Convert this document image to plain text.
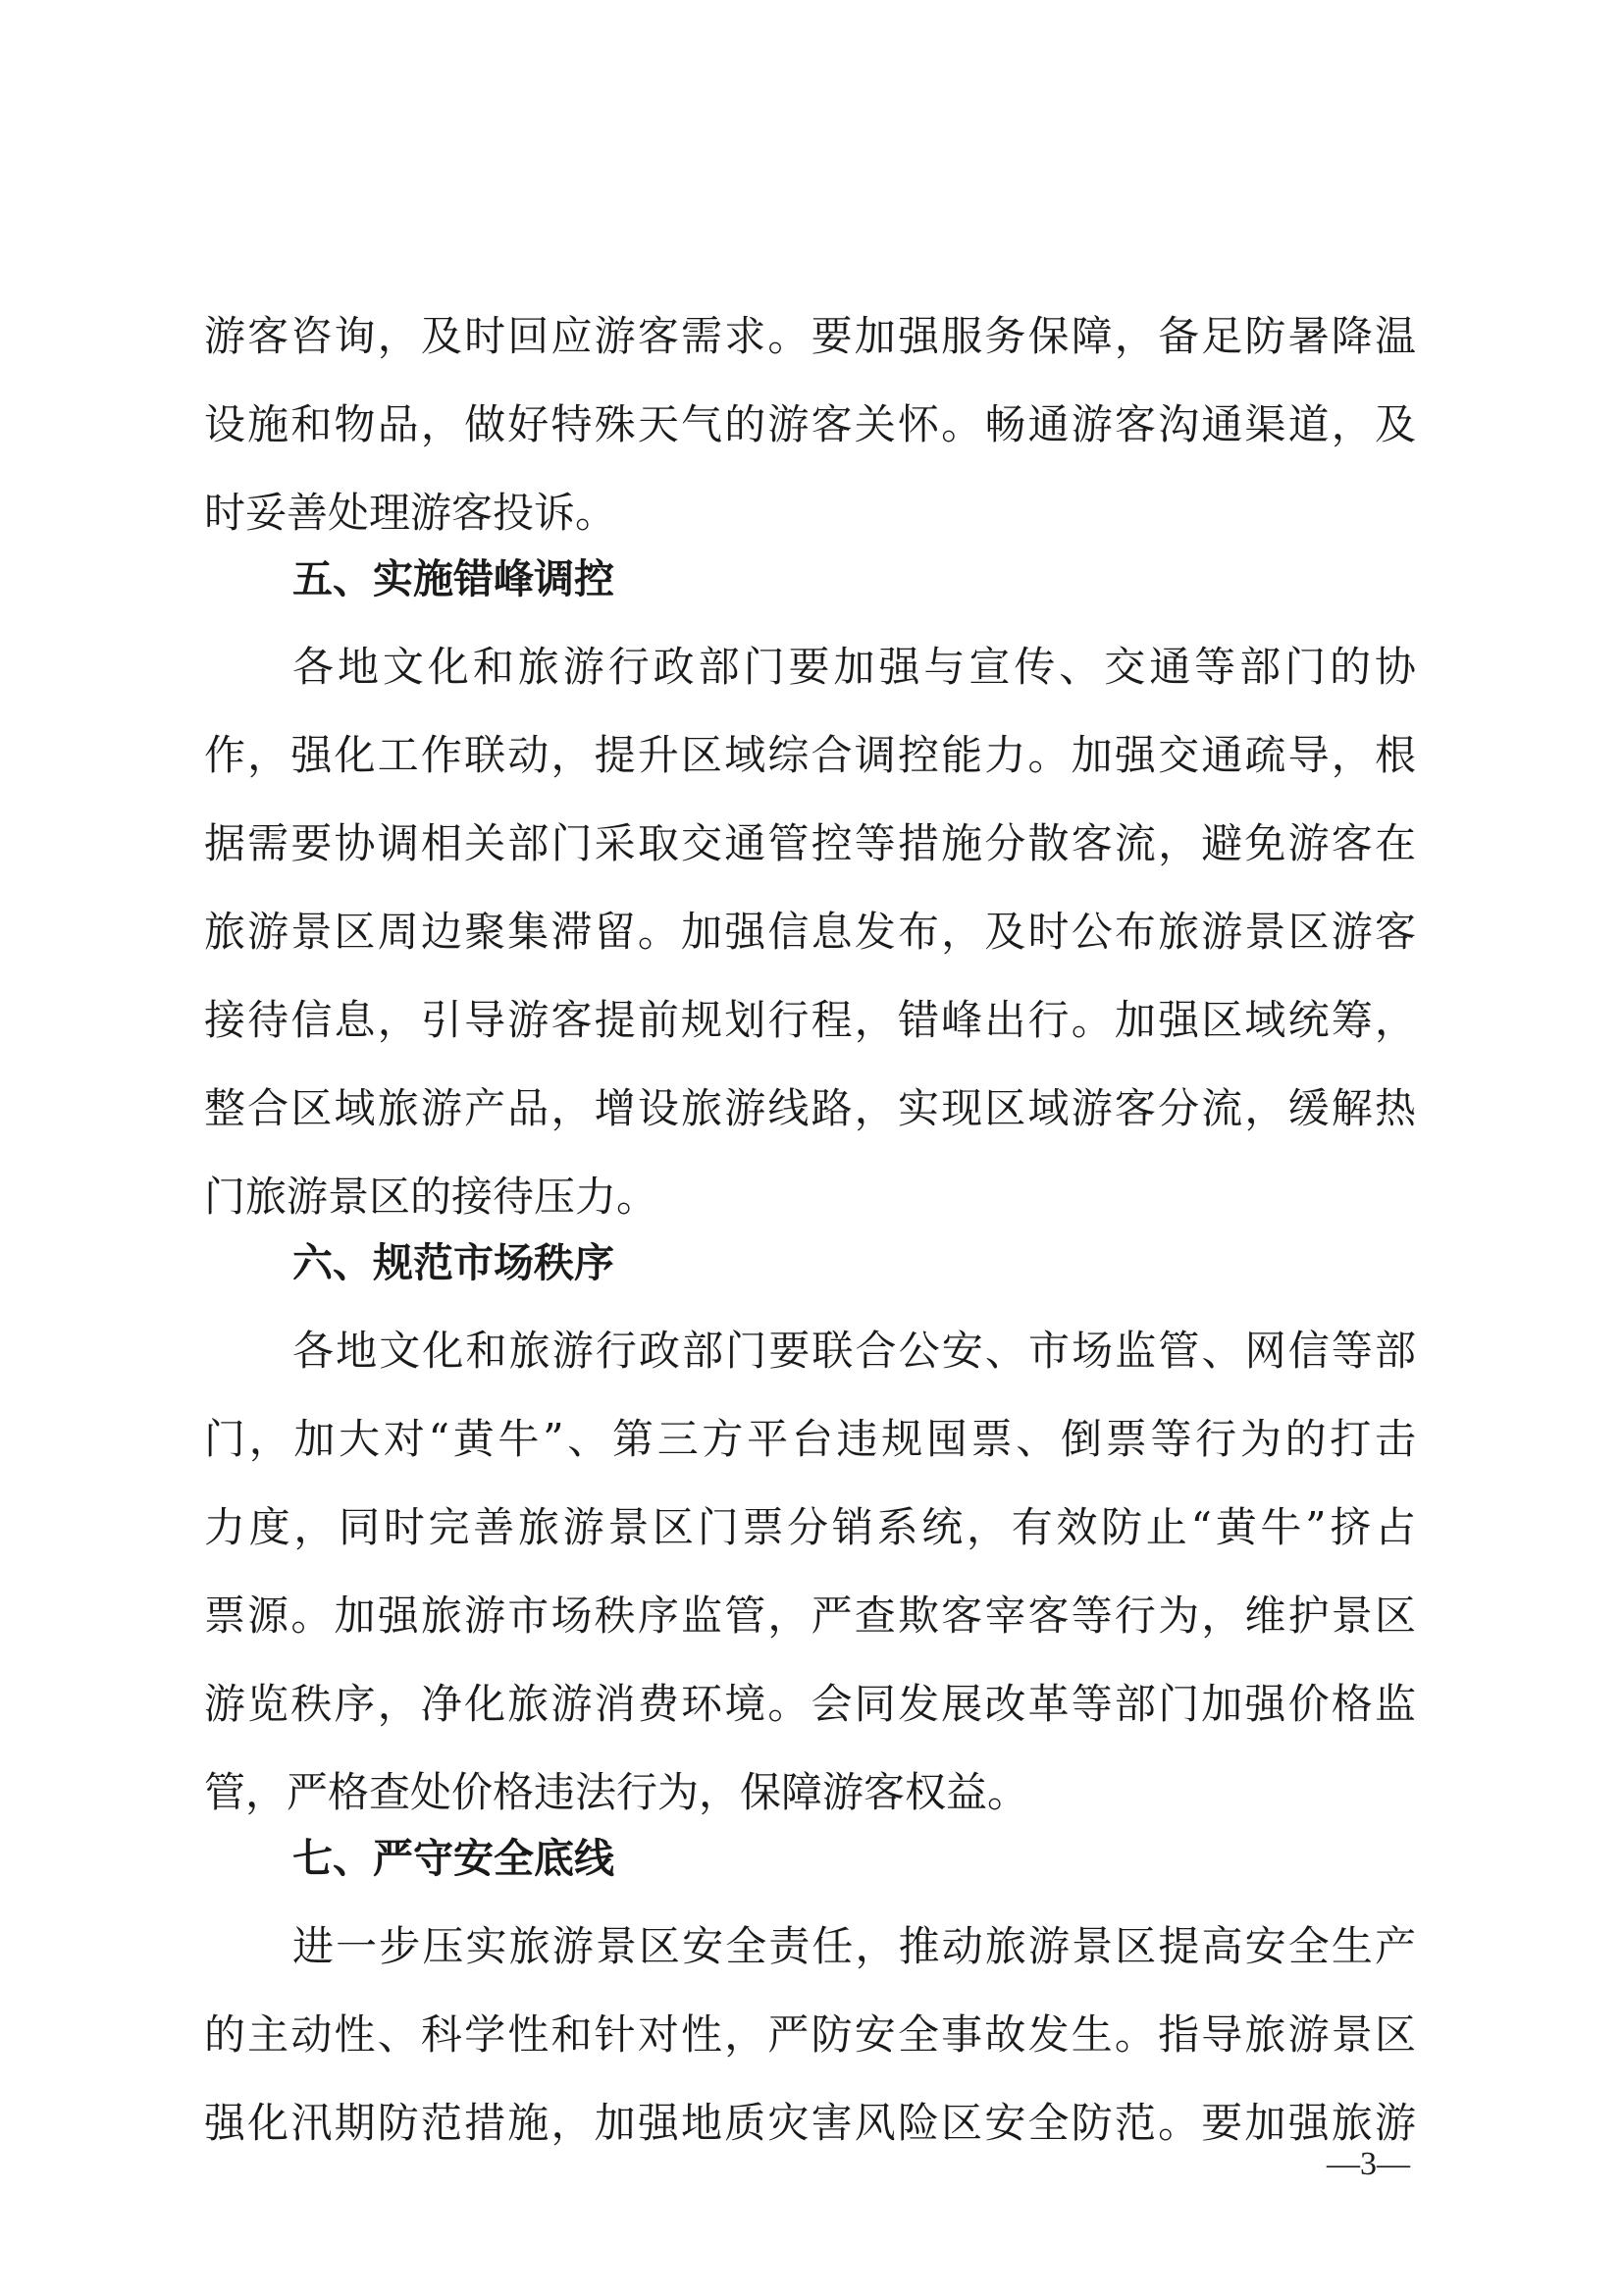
游客咨询，及时回应游客需求。要加强服务保障，备足防暑降温
设施和物品，做好特殊天气的游客关怀。畅通游客沟通渠道，及
时妥善处理游客投诉。
五、实施错峰调控
各地文化和旅游行政部门要加强与宣传、交通等部门的协
作，强化工作联动，提升区域综合调控能力。加强交通疏导，根
据需要协调相关部门采取交通管控等措施分散客流，避免游客在
旅游景区周边聚集滞留。加强信息发布，及时公布旅游景区游客
接待信息，引导游客提前规划行程，错峰出行。加强区域统筹，
整合区域旅游产品，增设旅游线路，实现区域游客分流，缓解热
门旅游景区的接待压力。
六、规范市场秩序
各地文化和旅游行政部门要联合公安、市场监管、网信等部
门，加大对“黄牛”、第三方平台违规囤票、倒票等行为的打击
力度，同时完善旅游景区门票分销系统，有效防止“黄牛”挤占
票源。加强旅游市场秩序监管，严查欺客宰客等行为，维护景区
游览秩序，净化旅游消费环境。会同发展改革等部门加强价格监
管，严格查处价格违法行为，保障游客权益。
七、严守安全底线
进一步压实旅游景区安全责任，推动旅游景区提高安全生产
的主动性、科学性和针对性，严防安全事故发生。指导旅游景区
强化汛期防范措施，加强地质灾害风险区安全防范。要加强旅游
—3—
